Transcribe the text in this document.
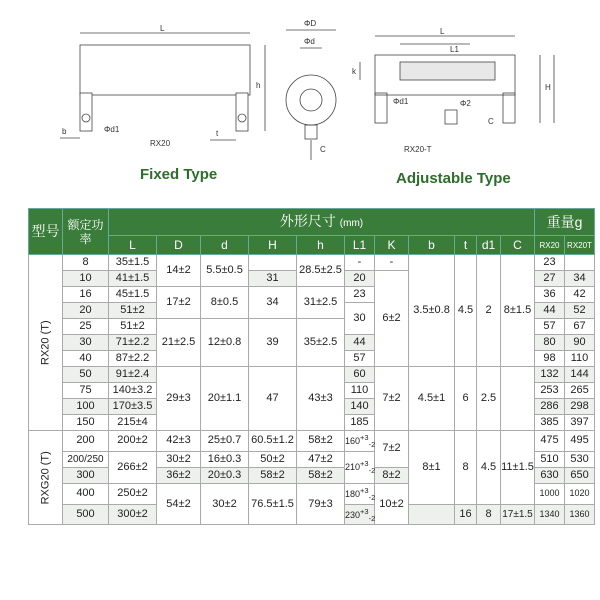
L
h
b	t
Φd1
RX20
ΦD
Φd
C
L
L1
H
k
Φd1	Φ2
C
RX20-T
Fixed Type	Adjustable Type
型号	额定功率	外形尺寸 (mm)											重量g	
		L	D	d	H	h	L1	K	b	t	d1	C	RX20	RX20T
RX20 (T)	8	35±1.5	14±2	5.5±0.5		28.5±2.5	-	-	3.5±0.8	4.5	2	8±1.5	23	
	10	41±1.5			31		20	6±2					27	34
	16	45±1.5	17±2	8±0.5	34	31±2.5	23						36	42
	20	51±2					30						44	52
	25	51±2	21±2.5	12±0.8	39	35±2.5							57	67
	30	71±2.2					44						80	90
	40	87±2.2					57						98	110
	50	91±2.4	29±3	20±1.1	47	43±3	60	7±2	4.5±1	6	2.5		132	144
	75	140±3.2					110						253	265
	100	170±3.5					140						286	298
	150	215±4					185						385	397
RXG20 (T)	200	200±2	42±3	25±0.7	60.5±1.2	58±2	$160^{+3}_{-2}$	7±2	8±1	8	4.5	11±1.5	475	495
	200/250	266±2	30±2	16±0.3	50±2	47±2	$210^{+3}_{-2}$						510	530
	300		36±2	20±0.3	58±2	58±2		8±2					630	650
	400	250±2	54±2	30±2	76.5±1.5	79±3	$180^{+3}_{-2}$	10±2					1000	1020
	500	300±2					$230^{+3}_{-2}$			16	8	17±1.5	1340	1360
